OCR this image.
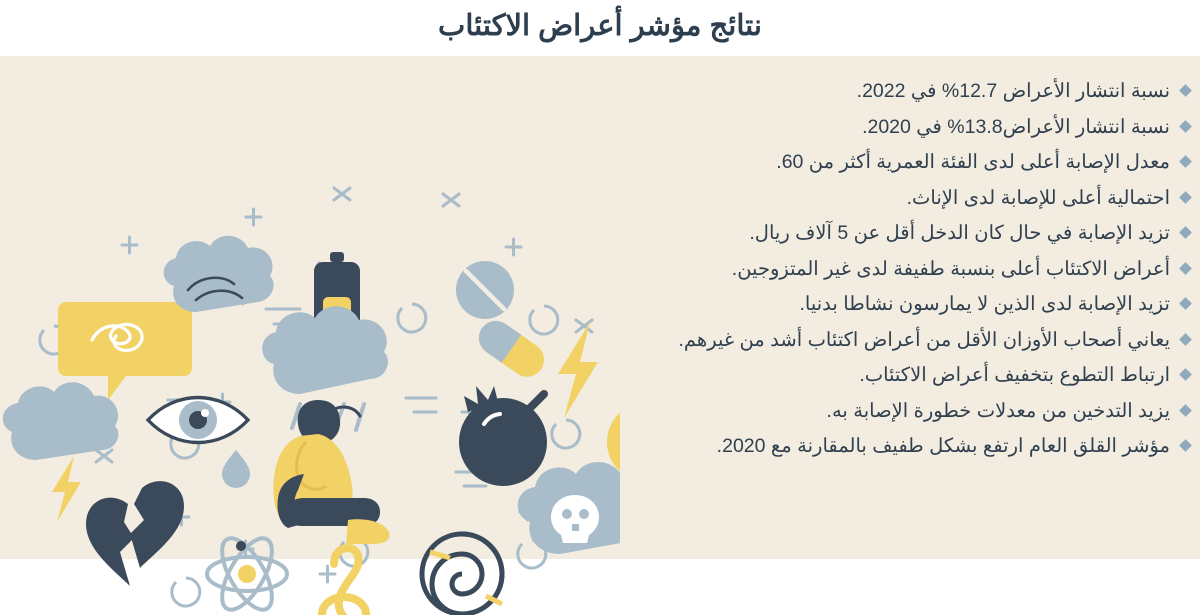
نتائج مؤشر أعراض الاكتئاب
نسبة انتشار الأعراض 12.7% في 2022.
نسبة انتشار الأعراض13.8% في 2020.
معدل الإصابة أعلى لدى الفئة العمرية أكثر من 60.
احتمالية أعلى للإصابة لدى الإناث.
تزيد الإصابة في حال كان الدخل أقل عن 5 آلاف ريال.
أعراض الاكتئاب أعلى بنسبة طفيفة لدى غير المتزوجين.
تزيد الإصابة لدى الذين لا يمارسون نشاطا بدنيا.
يعاني أصحاب الأوزان الأقل من أعراض اكتئاب أشد من غيرهم.
ارتباط التطوع بتخفيف أعراض الاكتئاب.
يزيد التدخين من معدلات خطورة الإصابة به.
مؤشر القلق العام ارتفع بشكل طفيف بالمقارنة مع 2020.
